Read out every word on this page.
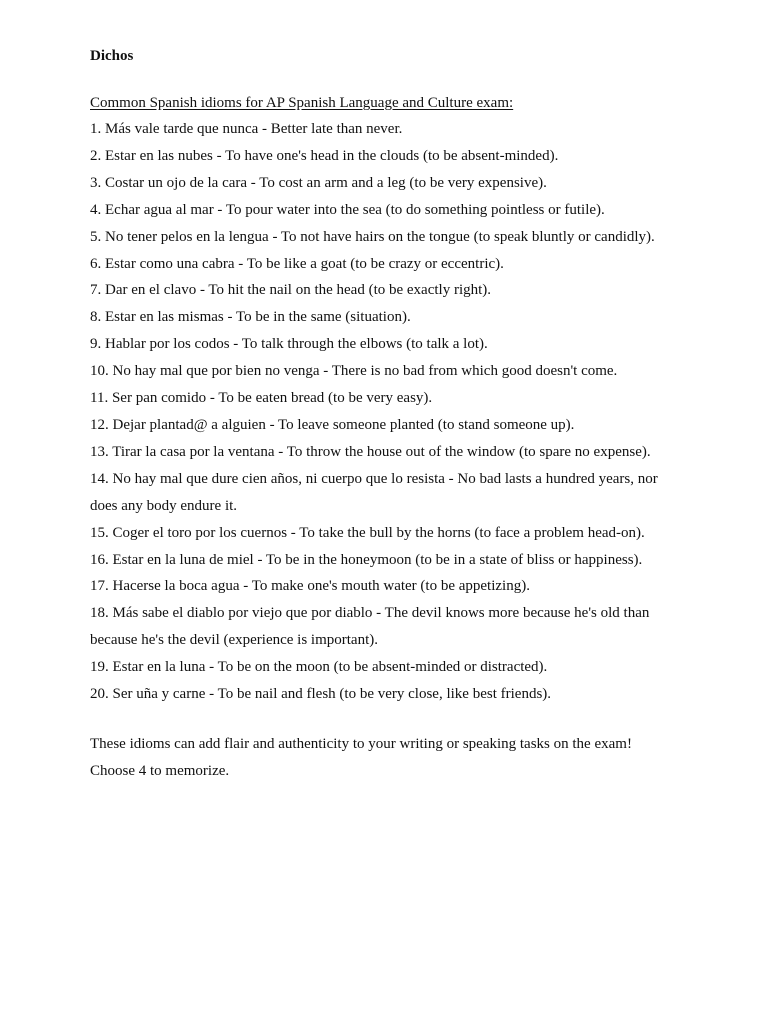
Dichos
Common Spanish idioms for AP Spanish Language and Culture exam:
1. Más vale tarde que nunca - Better late than never.
2. Estar en las nubes - To have one's head in the clouds (to be absent-minded).
3. Costar un ojo de la cara - To cost an arm and a leg (to be very expensive).
4. Echar agua al mar - To pour water into the sea (to do something pointless or futile).
5. No tener pelos en la lengua - To not have hairs on the tongue (to speak bluntly or candidly).
6. Estar como una cabra - To be like a goat (to be crazy or eccentric).
7. Dar en el clavo - To hit the nail on the head (to be exactly right).
8. Estar en las mismas - To be in the same (situation).
9. Hablar por los codos - To talk through the elbows (to talk a lot).
10. No hay mal que por bien no venga - There is no bad from which good doesn't come.
11. Ser pan comido - To be eaten bread (to be very easy).
12. Dejar plantad@ a alguien - To leave someone planted (to stand someone up).
13. Tirar la casa por la ventana - To throw the house out of the window (to spare no expense).
14. No hay mal que dure cien años, ni cuerpo que lo resista - No bad lasts a hundred years, nor does any body endure it.
15. Coger el toro por los cuernos - To take the bull by the horns (to face a problem head-on).
16. Estar en la luna de miel - To be in the honeymoon (to be in a state of bliss or happiness).
17. Hacerse la boca agua - To make one's mouth water (to be appetizing).
18. Más sabe el diablo por viejo que por diablo - The devil knows more because he's old than because he's the devil (experience is important).
19. Estar en la luna - To be on the moon (to be absent-minded or distracted).
20. Ser uña y carne - To be nail and flesh (to be very close, like best friends).

These idioms can add flair and authenticity to your writing or speaking tasks on the exam!
Choose 4 to memorize.
